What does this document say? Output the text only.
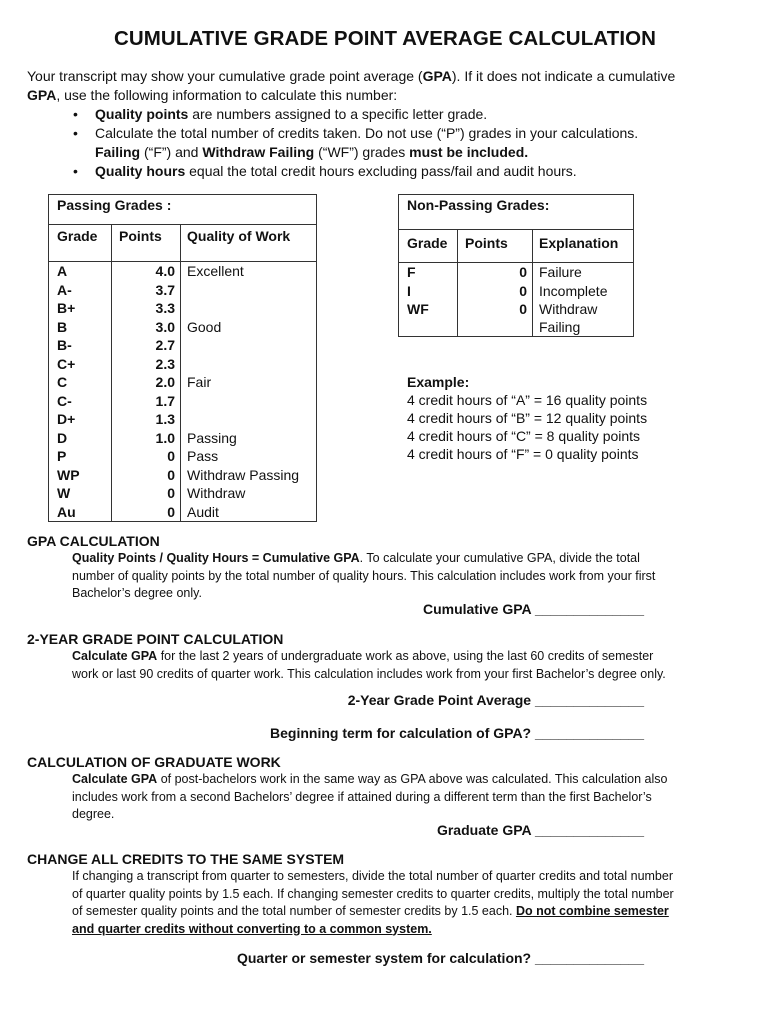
CUMULATIVE GRADE POINT AVERAGE CALCULATION

Your transcript may show your cumulative grade point average (GPA). If it does not indicate a cumulative

GPA, use the following information to calculate this number:

• Quality points are numbers assigned to a specific letter grade.
• Calculate the total number of credits taken. Do not use (“P”) grades in your calculations.
Failing (“F”) and Withdraw Failing (“WF”) grades must be included.
• Quality hours equal the total credit hours excluding pass/fail and audit hours.
Passing Grades :
Grade Points Quality of Work
A	4.0 Excellent
A-	3.7
B+	3.3
B	3.0 Good
B-	2.7
C+	2.3
C	2.0 Fair
C-	1.7
D+	1.3
D	1.0 Passing
P	0 Pass
WP	0 Withdraw Passing
W	0 Withdraw
Au	0 Audit
Non-Passing Grades:
Grade Points Explanation
F	0 Failure
I	0 Incomplete
WF	0 Withdraw
Failing
Example:
4 credit hours of “A” = 16 quality points
4 credit hours of “B” = 12 quality points
4 credit hours of “C” = 8 quality points
4 credit hours of “F” = 0 quality points
GPA CALCULATION

Quality Points / Quality Hours = Cumulative GPA. To calculate your cumulative GPA, divide the total

number of quality points by the total number of quality hours. This calculation includes work from your first

Bachelor’s degree only.

Cumulative GPA ______________
2-YEAR GRADE POINT CALCULATION

Calculate GPA for the last 2 years of undergraduate work as above, using the last 60 credits of semester

work or last 90 credits of quarter work. This calculation includes work from your first Bachelor’s degree only.

2-Year Grade Point Average ______________
Beginning term for calculation of GPA? ______________
CALCULATION OF GRADUATE WORK

Calculate GPA of post-bachelors work in the same way as GPA above was calculated. This calculation also

includes work from a second Bachelors’ degree if attained during a different term than the first Bachelor’s

degree.

Graduate GPA ______________
CHANGE ALL CREDITS TO THE SAME SYSTEM

If changing a transcript from quarter to semesters, divide the total number of quarter credits and total number

of quarter quality points by 1.5 each. If changing semester credits to quarter credits, multiply the total number

of semester quality points and the total number of semester credits by 1.5 each. Do not combine semester

and quarter credits without converting to a common system.

Quarter or semester system for calculation? ______________
